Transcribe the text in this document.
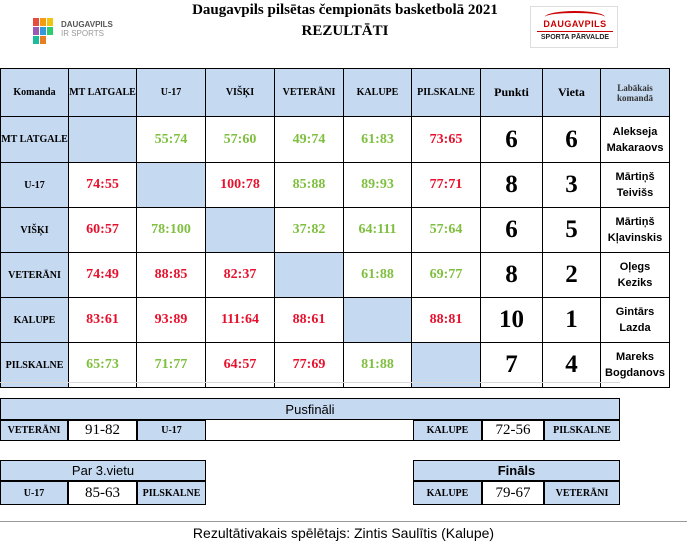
Daugavpils pilsētas čempionāts basketbolā 2021
REZULTĀTI
DAUGAVPILS
IR SPORTS
DAUGAVPILS
SPORTA PĀRVALDE
Komanda	MT LATGALE	U-17	VIŠĶI	VETERĀNI	KALUPE	PILSKALNE	Punkti	Vieta	Labākais komandā
MT LATGALE		55:74	57:60	49:74	61:83	73:65	6	6	Alekseja Makaraovs
U-17	74:55		100:78	85:88	89:93	77:71	8	3	Mārtiņš Teivišs
VIŠĶI	60:57	78:100		37:82	64:111	57:64	6	5	Mārtiņš Kļavinskis
VETERĀNI	74:49	88:85	82:37		61:88	69:77	8	2	Oļegs Keziks
KALUPE	83:61	93:89	111:64	88:61		88:81	10	1	Gintārs Lazda
PILSKALNE	65:73	71:77	64:57	77:69	81:88		7	4	Mareks Bogdanovs
Pusfināli
VETERĀNI	91-82	U-17	KALUPE	72-56	PILSKALNE
Par 3.vietu
U-17	85-63	PILSKALNE
Fināls
KALUPE	79-67	VETERĀNI
Rezultātivakais spēlētajs: Zintis Saulītis (Kalupe)
